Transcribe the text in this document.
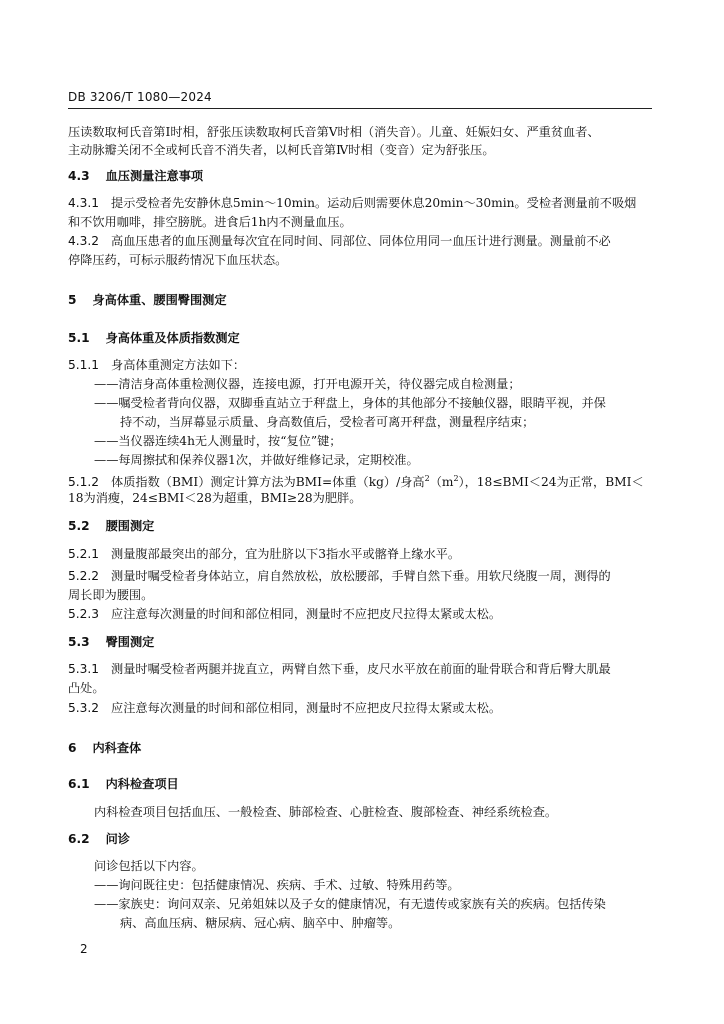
DB 3206/T 1080—2024
压读数取柯氏音第Ⅰ时相，舒张压读数取柯氏音第Ⅴ时相（消失音）。儿童、妊娠妇女、严重贫血者、
主动脉瓣关闭不全或柯氏音不消失者，以柯氏音第Ⅳ时相（变音）定为舒张压。
4.3 血压测量注意事项
4.3.1 提示受检者先安静休息5min～10min。运动后则需要休息20min～30min。受检者测量前不吸烟
和不饮用咖啡，排空膀胱。进食后1h内不测量血压。
4.3.2 高血压患者的血压测量每次宜在同时间、同部位、同体位用同一血压计进行测量。测量前不必
停降压药，可标示服药情况下血压状态。
5 身高体重、腰围臀围测定
5.1 身高体重及体质指数测定
5.1.1 身高体重测定方法如下：
——清洁身高体重检测仪器，连接电源，打开电源开关，待仪器完成自检测量；
——嘱受检者背向仪器，双脚垂直站立于秤盘上，身体的其他部分不接触仪器，眼睛平视，并保
持不动，当屏幕显示质量、身高数值后，受检者可离开秤盘，测量程序结束；
——当仪器连续4h无人测量时，按“复位”键；
——每周擦拭和保养仪器1次，并做好维修记录，定期校准。
5.1.2 体质指数（BMI）测定计算方法为BMI=体重（kg）/身高$^2(m^2)$，18≤BMI＜24为正常，BMI＜
18为消瘦，24≤BMI＜28为超重，BMI≥28为肥胖。
5.2 腰围测定
5.2.1 测量腹部最突出的部分，宜为肚脐以下3指水平或髂脊上缘水平。
5.2.2 测量时嘱受检者身体站立，肩自然放松，放松腰部，手臂自然下垂。用软尺绕腹一周，测得的
周长即为腰围。
5.2.3 应注意每次测量的时间和部位相同，测量时不应把皮尺拉得太紧或太松。
5.3 臀围测定
5.3.1 测量时嘱受检者两腿并拢直立，两臂自然下垂，皮尺水平放在前面的耻骨联合和背后臀大肌最
凸处。
5.3.2 应注意每次测量的时间和部位相同，测量时不应把皮尺拉得太紧或太松。
6 内科查体
6.1 内科检查项目
内科检查项目包括血压、一般检查、肺部检查、心脏检查、腹部检查、神经系统检查。
6.2 问诊
问诊包括以下内容。
——询问既往史：包括健康情况、疾病、手术、过敏、特殊用药等。
——家族史：询问双亲、兄弟姐妹以及子女的健康情况，有无遗传或家族有关的疾病。包括传染
病、高血压病、糖尿病、冠心病、脑卒中、肿瘤等。
2
